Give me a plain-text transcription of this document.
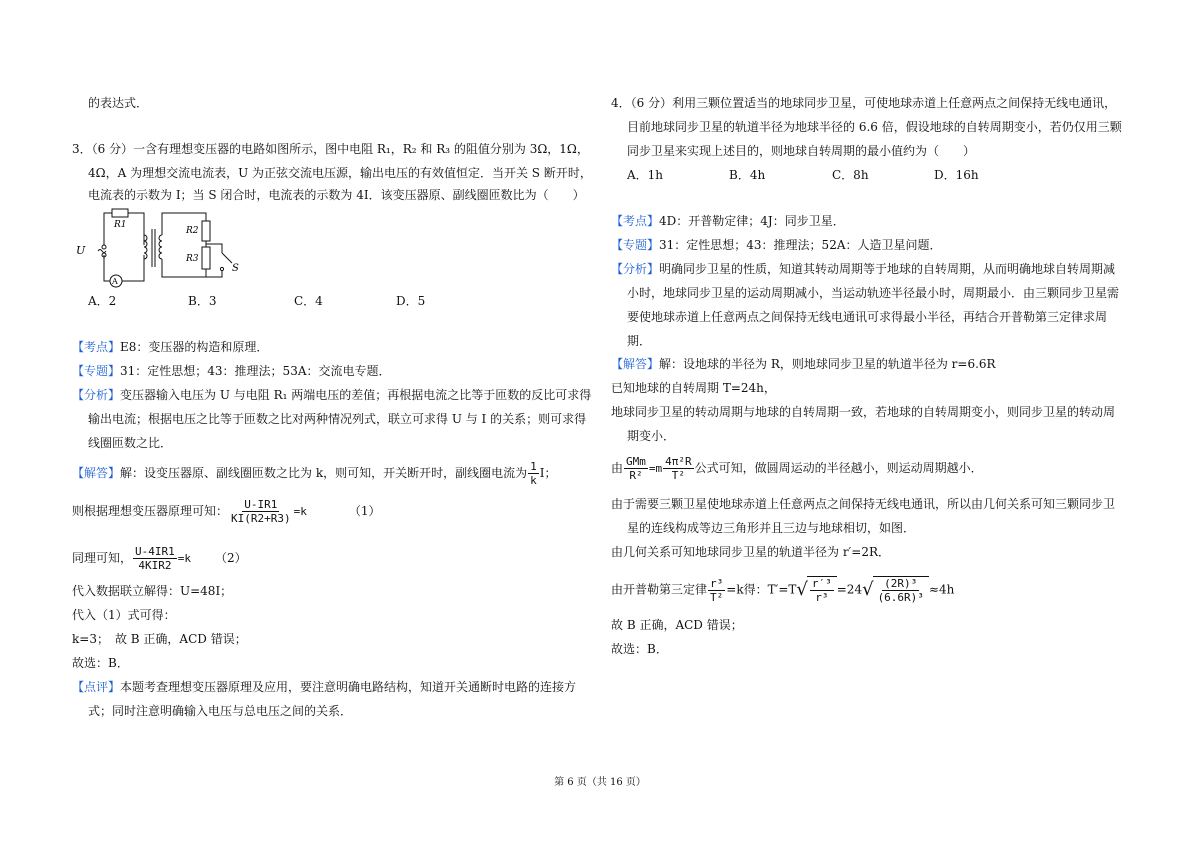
的表达式．
3．（6 分）一含有理想变压器的电路如图所示，图中电阻 R₁，R₂ 和 R₃ 的阻值分别为 3Ω，1Ω，
4Ω，A 为理想交流电流表，U 为正弦交流电压源，输出电压的有效值恒定．当开关 S 断开时，
电流表的示数为 I；当 S 闭合时，电流表的示数为 4I．该变压器原、副线圈匝数比为（　　）
R1
R2
R3
U
A
S
A．2	B．3	C．4	D．5
【考点】E8：变压器的构造和原理．
【专题】31：定性思想；43：推理法；53A：交流电专题．
【分析】变压器输入电压为 U 与电阻 R₁ 两端电压的差值；再根据电流之比等于匝数的反比可求得
输出电流；根据电压之比等于匝数之比对两种情况列式，联立可求得 U 与 I 的关系；则可求得
线圈匝数之比．
【解答】解：设变压器原、副线圈匝数之比为 k，则可知，开关断开时，副线圈电流为 $\frac{1}{k}$ I；
则根据理想变压器原理可知： $\frac{U-IR1}{KI(R2+R3)} =k$	（1）
同理可知， $\frac{U-4IR1}{\text{4KIR2}} =k$ （2）
代入数据联立解得：U=48I；
代入（1）式可得：
k=3；　故 B 正确，ACD 错误；
故选：B．
【点评】本题考查理想变压器原理及应用，要注意明确电路结构，知道开关通断时电路的连接方
式；同时注意明确输入电压与总电压之间的关系．
4．（6 分）利用三颗位置适当的地球同步卫星，可使地球赤道上任意两点之间保持无线电通讯，
目前地球同步卫星的轨道半径为地球半径的 6.6 倍，假设地球的自转周期变小，若仍仅用三颗
同步卫星来实现上述目的，则地球自转周期的最小值约为（　　）
A．1h	B．4h	C．8h	D．16h
【考点】4D：开普勒定律；4J：同步卫星．
【专题】31：定性思想；43：推理法；52A：人造卫星问题．
【分析】明确同步卫星的性质，知道其转动周期等于地球的自转周期，从而明确地球自转周期减
小时，地球同步卫星的运动周期减小，当运动轨迹半径最小时，周期最小．由三颗同步卫星需
要使地球赤道上任意两点之间保持无线电通讯可求得最小半径，再结合开普勒第三定律求周
期．
【解答】解：设地球的半径为 R，则地球同步卫星的轨道半径为 r=6.6R
已知地球的自转周期 T=24h，
地球同步卫星的转动周期与地球的自转周期一致，若地球的自转周期变小，则同步卫星的转动周
期变小．
由 $\frac{\text{GMm}}{\text{R²}} =m \frac{\text{4π²R}}{\text{T²}}$ 公式可知，做圆周运动的半径越小，则运动周期越小．
由于需要三颗卫星使地球赤道上任意两点之间保持无线电通讯，所以由几何关系可知三颗同步卫
星的连线构成等边三角形并且三边与地球相切，如图．
由几何关系可知地球同步卫星的轨道半径为 r′=2R．
由开普勒第三定律 $\frac{\text{r³}}{\text{T²}} =k$得：T′=T √ $\frac{\text{r′³}}{\text{r³}} =24$ √ $\frac{\text{(2R)³}}{\text{(6.6R)³}} \approx 4h$
故 B 正确，ACD 错误；
故选：B．
第 6 页（共 16 页）
